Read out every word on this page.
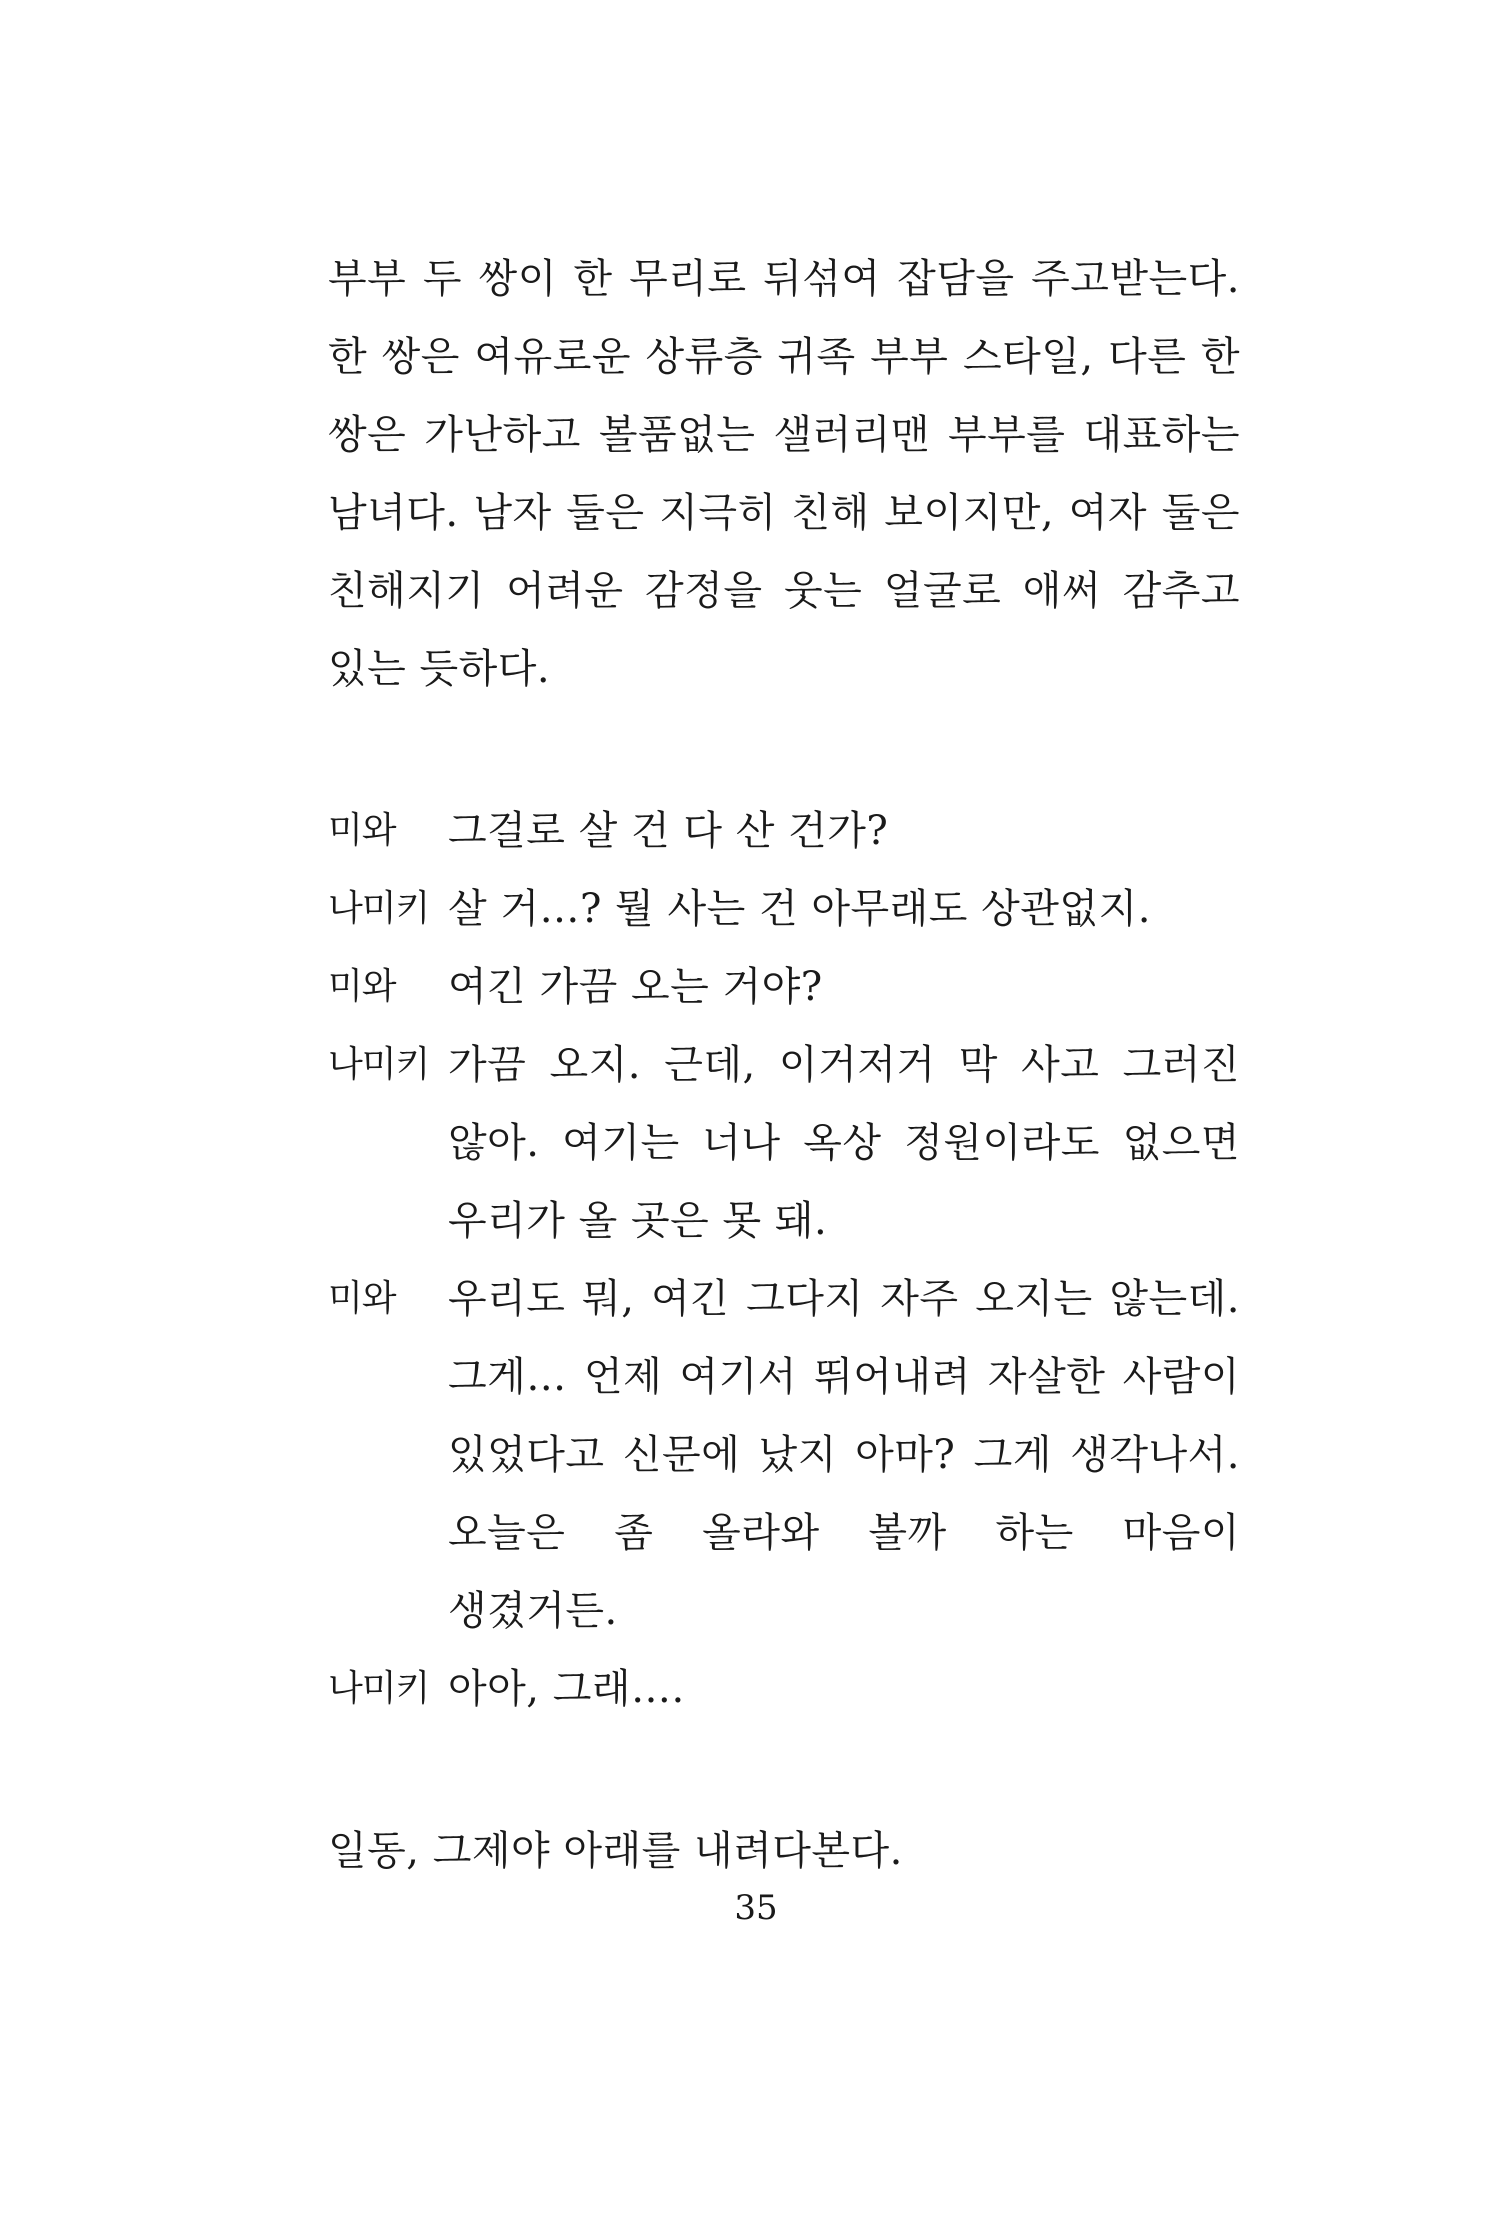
부부 두 쌍이 한 무리로 뒤섞여 잡담을 주고받는다. 한 쌍은 여유로운 상류층 귀족 부부 스타일, 다른 한 쌍은 가난하고 볼품없는 샐러리맨 부부를 대표하는 남녀다. 남자 둘은 지극히 친해 보이지만, 여자 둘은 친해지기 어려운 감정을 웃는 얼굴로 애써 감추고 있는 듯하다.

미와	그걸로 살 건 다 산 건가?
나미키 살 거…? 뭘 사는 건 아무래도 상관없지.
미와	여긴 가끔 오는 거야?
나미키 가끔 오지. 근데, 이거저거 막 사고 그러진 않아. 여기는 너나 옥상 정원이라도 없으면 우리가 올 곳은 못 돼.
미와	우리도 뭐, 여긴 그다지 자주 오지는 않는데. 그게… 언제 여기서 뛰어내려 자살한 사람이 있었다고 신문에 났지 아마? 그게 생각나서. 오늘은 좀 올라와 볼까 하는 마음이 생겼거든.
나미키 아아, 그래….

일동, 그제야 아래를 내려다본다.

35
